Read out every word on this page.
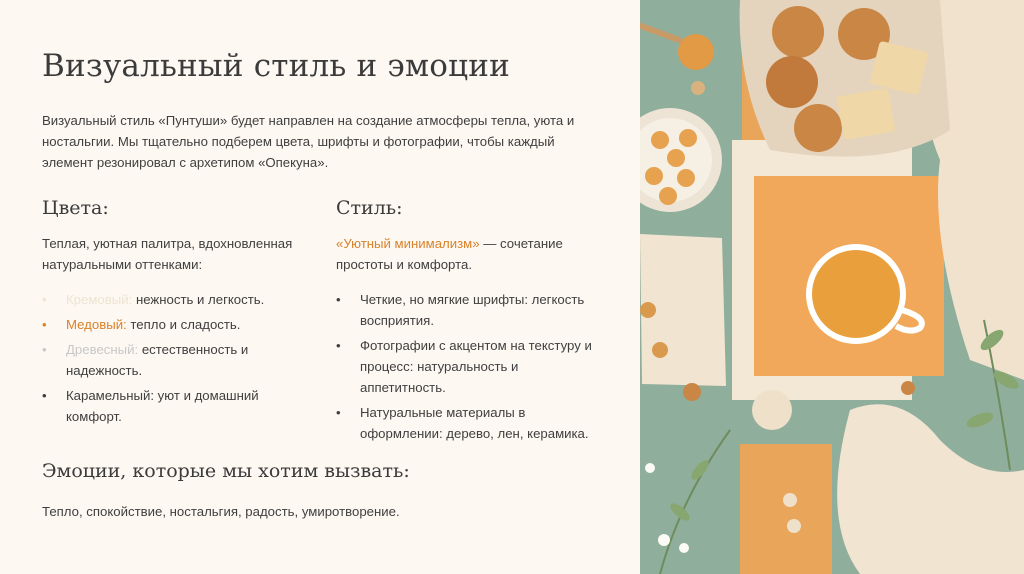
Визуальный стиль и эмоции

Визуальный стиль «Пунтуши» будет направлен на создание атмосферы тепла, уюта и ностальгии. Мы тщательно подберем цвета, шрифты и фотографии, чтобы каждый элемент резонировал с архетипом «Опекуна».

Цвета:

Теплая, уютная палитра, вдохновленная натуральными оттенками:

• Кремовый: нежность и легкость.
• Медовый: тепло и сладость.
• Древесный: естественность и надежность.
• Карамельный: уют и домашний комфорт.
Стиль:

«Уютный минимализм» — сочетание простоты и комфорта.

• Четкие, но мягкие шрифты: легкость восприятия.
• Фотографии с акцентом на текстуру и процесс: натуральность и аппетитность.
• Натуральные материалы в оформлении: дерево, лен, керамика.
Эмоции, которые мы хотим вызвать:

Тепло, спокойствие, ностальгия, радость, умиротворение.
